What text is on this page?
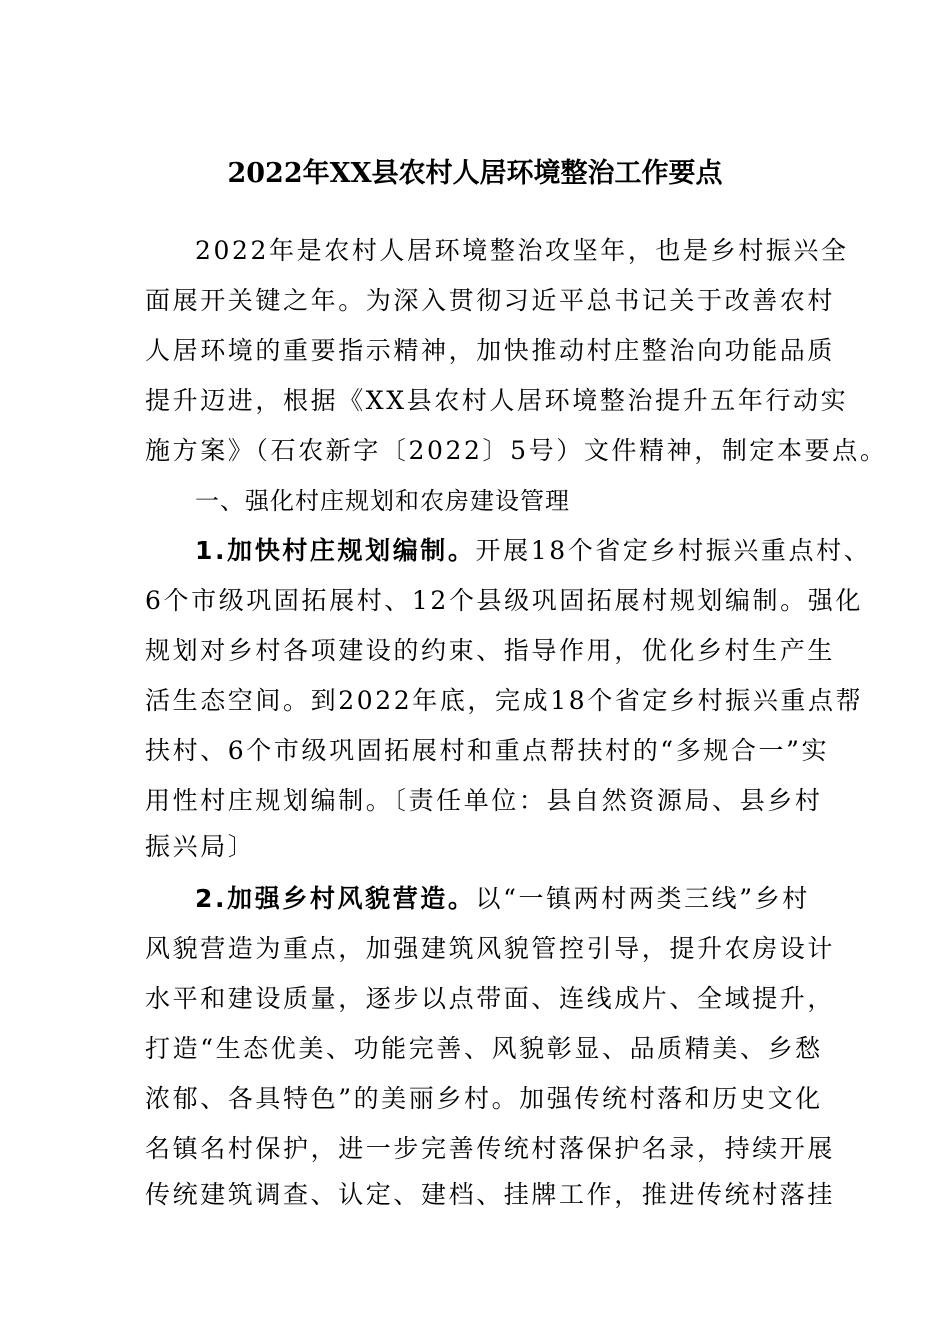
2022年XX县农村人居环境整治工作要点
2022年是农村人居环境整治攻坚年，也是乡村振兴全
面展开关键之年。为深入贯彻习近平总书记关于改善农村
人居环境的重要指示精神，加快推动村庄整治向功能品质
提升迈进，根据《XX县农村人居环境整治提升五年行动实
施方案》（石农新字〔2022〕5号）文件精神，制定本要点。
一、强化村庄规划和农房建设管理
1.加快村庄规划编制。开展18个省定乡村振兴重点村、
6个市级巩固拓展村、12个县级巩固拓展村规划编制。强化
规划对乡村各项建设的约束、指导作用，优化乡村生产生
活生态空间。到2022年底，完成18个省定乡村振兴重点帮
扶村、6个市级巩固拓展村和重点帮扶村的“多规合一”实
用性村庄规划编制。〔责任单位：县自然资源局、县乡村
振兴局〕
2.加强乡村风貌营造。以“一镇两村两类三线”乡村
风貌营造为重点，加强建筑风貌管控引导，提升农房设计
水平和建设质量，逐步以点带面、连线成片、全域提升，
打造“生态优美、功能完善、风貌彰显、品质精美、乡愁
浓郁、各具特色”的美丽乡村。加强传统村落和历史文化
名镇名村保护，进一步完善传统村落保护名录，持续开展
传统建筑调查、认定、建档、挂牌工作，推进传统村落挂
